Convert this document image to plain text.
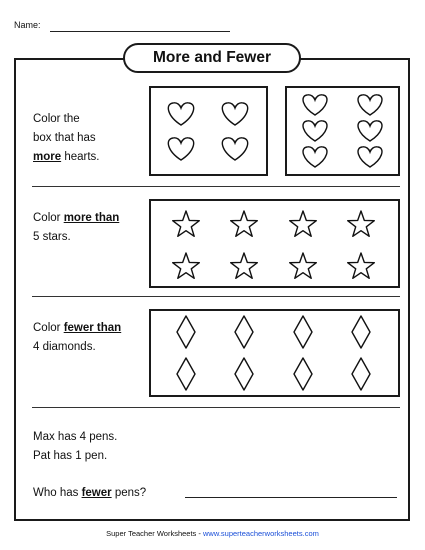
Name:
More and Fewer
Color the
box that has
more hearts.
Color more than
5 stars.
Color fewer than
4 diamonds.
Max has 4 pens.
Pat has 1 pen.
Who has fewer pens?
Super Teacher Worksheets - www.superteacherworksheets.com
